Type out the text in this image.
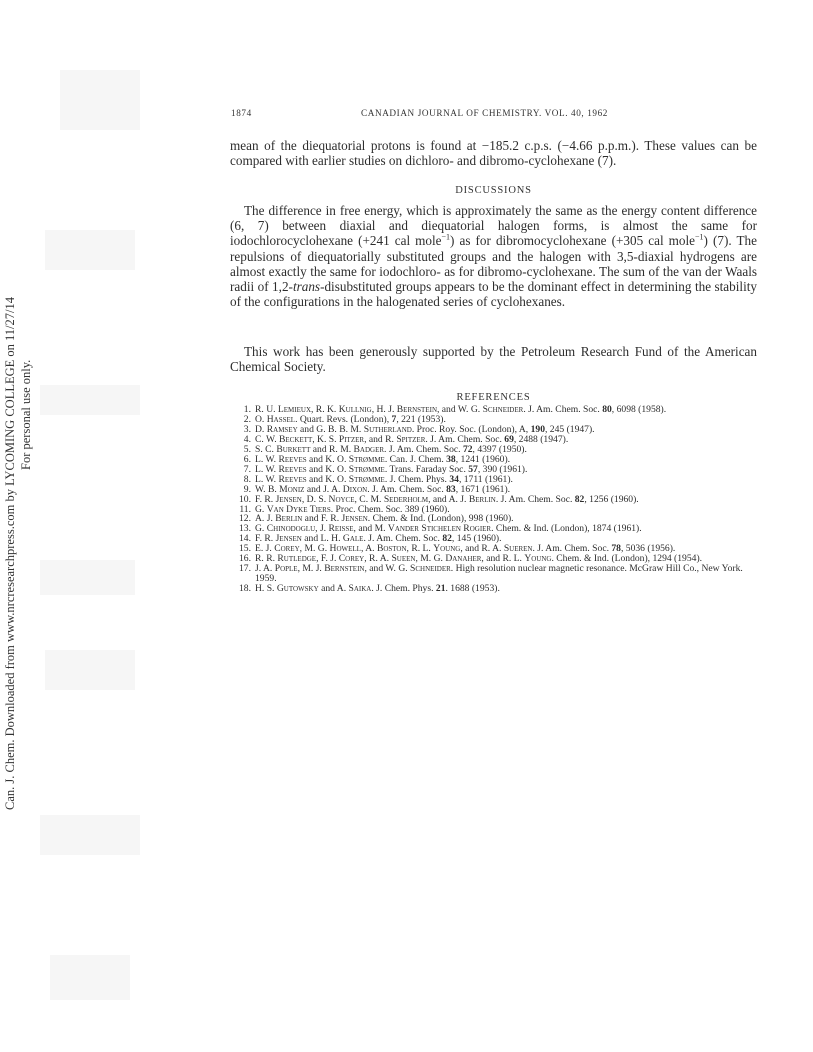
Can. J. Chem. Downloaded from www.nrcresearchpress.com by LYCOMING COLLEGE on 11/27/14 For personal use only.
1874	CANADIAN JOURNAL OF CHEMISTRY. VOL. 40, 1962
mean of the diequatorial protons is found at −185.2 c.p.s. (−4.66 p.p.m.). These values can be compared with earlier studies on dichloro- and dibromo-cyclohexane (7).
DISCUSSIONS
The difference in free energy, which is approximately the same as the energy content difference (6, 7) between diaxial and diequatorial halogen forms, is almost the same for iodochlorocyclohexane (+241 cal mole$^{-1}$) as for dibromocyclohexane (+305 cal mole$^{-1}$) (7). The repulsions of diequatorially substituted groups and the halogen with 3,5-diaxial hydrogens are almost exactly the same for iodochloro- as for dibromo-cyclohexane. The sum of the van der Waals radii of 1,2-trans-disubstituted groups appears to be the dominant effect in determining the stability of the configurations in the halogenated series of cyclohexanes.
This work has been generously supported by the Petroleum Research Fund of the American Chemical Society.
REFERENCES
1. R. U. Lemieux, R. K. Kullnig, H. J. Bernstein, and W. G. Schneider. J. Am. Chem. Soc. 80, 6098 (1958).
2. O. Hassel. Quart. Revs. (London), 7, 221 (1953).
3. D. Ramsey and G. B. B. M. Sutherland. Proc. Roy. Soc. (London), A, 190, 245 (1947).
4. C. W. Beckett, K. S. Pitzer, and R. Spitzer. J. Am. Chem. Soc. 69, 2488 (1947).
5. S. C. Burkett and R. M. Badger. J. Am. Chem. Soc. 72, 4397 (1950).
6. L. W. Reeves and K. O. Strømme. Can. J. Chem. 38, 1241 (1960).
7. L. W. Reeves and K. O. Strømme. Trans. Faraday Soc. 57, 390 (1961).
8. L. W. Reeves and K. O. Strømme. J. Chem. Phys. 34, 1711 (1961).
9. W. B. Moniz and J. A. Dixon. J. Am. Chem. Soc. 83, 1671 (1961).
10. F. R. Jensen, D. S. Noyce, C. M. Sederholm, and A. J. Berlin. J. Am. Chem. Soc. 82, 1256 (1960).
11. G. Van Dyke Tiers. Proc. Chem. Soc. 389 (1960).
12. A. J. Berlin and F. R. Jensen. Chem. & Ind. (London), 998 (1960).
13. G. Chinodoglu, J. Reisse, and M. Vander Stichelen Rogier. Chem. & Ind. (London), 1874 (1961).
14. F. R. Jensen and L. H. Gale. J. Am. Chem. Soc. 82, 145 (1960).
15. E. J. Corey, M. G. Howell, A. Boston, R. L. Young, and R. A. Sueren. J. Am. Chem. Soc. 78, 5036 (1956).
16. R. R. Rutledge, F. J. Corey, R. A. Sueen, M. G. Danaher, and R. L. Young. Chem. & Ind. (London), 1294 (1954).
17. J. A. Pople, M. J. Bernstein, and W. G. Schneider. High resolution nuclear magnetic resonance. McGraw Hill Co., New York. 1959.
18. H. S. Gutowsky and A. Saika. J. Chem. Phys. 21. 1688 (1953).
